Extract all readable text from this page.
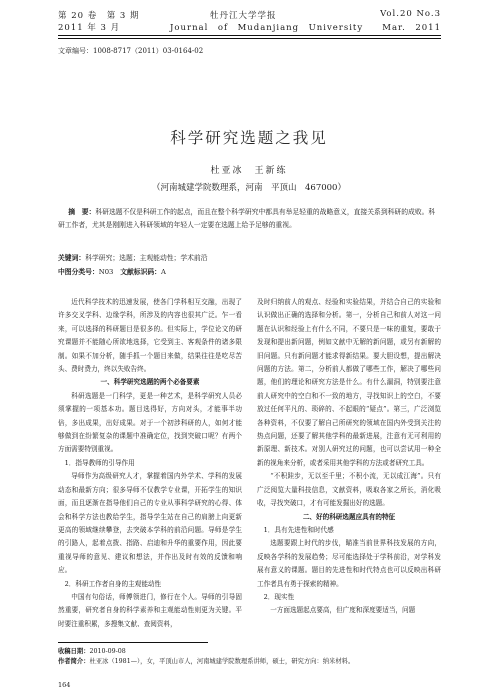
第 20 卷　第 3 期	牡丹江大学学报	Vol.20 No.3
2011 年 3 月	Journal　of　Mudanjiang　University Mar.　2011
文章编号：1008-8717（2011）03-0164-02
科学研究选题之我见
杜亚冰　王新练
（河南城建学院数理系，河南　平顶山　467000）
摘　要：科研选题不仅是科研工作的起点，而且在整个科学研究中都具有举足轻重的战略意义，直接关系到科研的成败。科研工作者，尤其是刚刚进入科研领域的年轻人一定要在选题上给予足够的重视。
关键词：科学研究；选题；主观能动性；学术前沿
中图分类号：N03　 文献标识码：A

近代科学技术的迅速发展，使各门学科相互交融，出现了许多交叉学科、边缘学科，所涉及的内容也很其广泛。乍一看来，可以选择的科研题目是很多的。但实际上，学位论文的研究课题并不能随心所欲地选择，它受到主、客观条件的诸多限制。如果不加分析，随手抓一个题目来做，结果往往是吃尽苦头、费时费力，终以失败告终。

一、科学研究选题的两个必备要素

科研选题是一门科学，更是一种艺术，是科学研究人员必须掌握的一项基本功。题目选得好，方向对头，才能事半功倍，多出成果，出好成果。对于一个初涉科研的人，如何才能够做到在纷繁复杂的课题中准确定位，找到突破口呢？有两个方面需要特别重视。

1．指导教师的引导作用

导师作为高级研究人才，掌握着国内外学术、学科的发展动态和最新方向；很多导师不仅教学专业课，开拓学生的知识面，而且逐渐在指导他们自己的专业从事科学研究的心得、体会和科学方法也教给学生，指导学生站在自己的肩膀上向更新更高的领域继续攀登，去突破本学科的前沿问题。导师是学生的引路人，起着点拨、指路、启迪和升华的重要作用，因此要重视导师的意见、建议和想法，并作出及时有效的反馈和响应。

2．科研工作者自身的主观能动性

中国有句俗话，师傅领进门，修行在个人。导师的引导固然重要，研究者自身的科学素养和主观能动性则更为关键。平时要注重积累，多搜集文献、查阅资料，

及时归纳前人的观点、经验和实验结果，并结合自己的实验和认识做出正确的选择和分析。第一，分析自己和前人对这一问题在认识和经验上有什么不同，不要只是一味的重复，要敢于发现和提出新问题，例如文献中无解的新问题，或另有新解的旧问题。只有新问题才能求得新结果。要大胆设想，提出解决问题的方法。第二，分析前人都做了哪些工作，解决了哪些问题，他们的理论和研究方法是什么。有什么漏洞，特别要注意前人研究中的空白和不一致的地方，寻找知识上的空白，不要放过任何平凡的、琐碎的、不起眼的“疑点”。第三，广泛浏览各种资料，不仅要了解自己所研究的领域在国内外受到关注的热点问题，还要了解其他学科的最新进展，注意有无可利用的新原理、新技术。对别人研究过的问题，也可以尝试用一种全新的视角来分析，或者采用其他学科的方法或者研究工具。

“不积跬步，无以至千里；不积小流，无以成江海”。只有广泛阅览大量科技信息，文献资料，吸取各家之所长，消化吸收，寻找突破口，才有可能发掘出好的选题。

二、好的科研选题应具有的特征

1．具有先进性和时代感

选题要跟上时代的步伐，瞄准当前世界科技发展的方向，反映各学科的发展趋势；尽可能选择处于学科前沿，对学科发展有意义的课题。题目的先进性和时代特点也可以反映出科研工作者具有勇于探索的精神。

2．现实性

一方面选题起点要高，但广度和深度要适当，问题

收稿日期：2010-09-08
作者简介：杜亚冰（1981—），女，平顶山市人，河南城建学院数理系讲师，硕士，研究方向：纳米材料。
164
